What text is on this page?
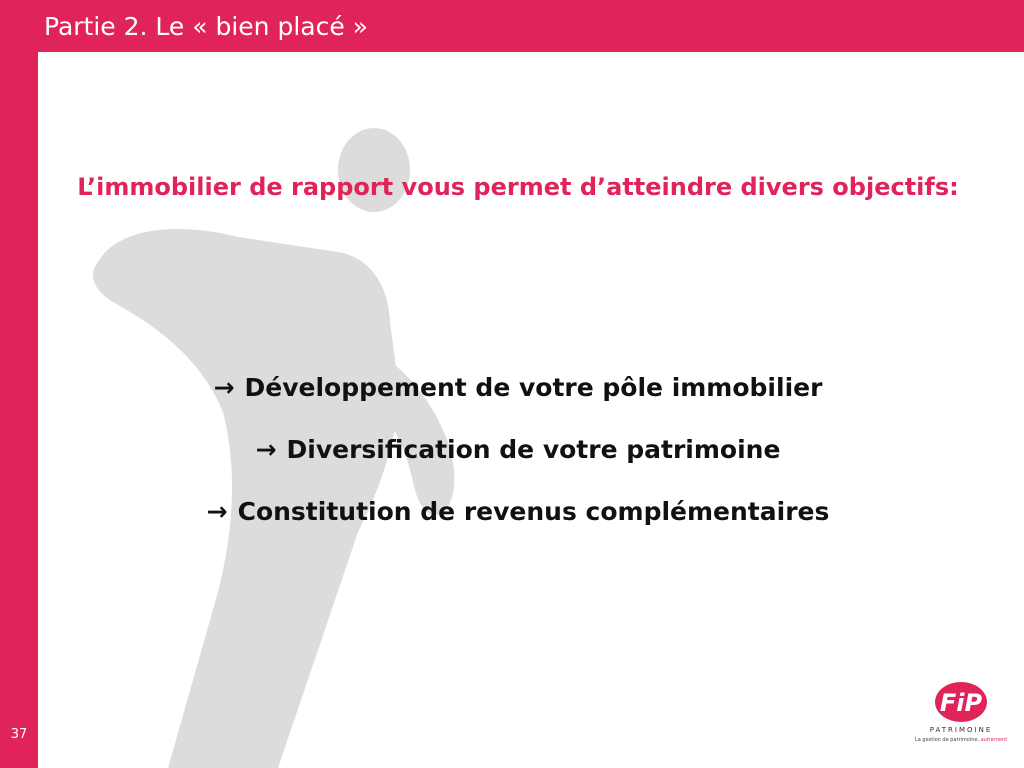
Partie 2. Le « bien placé »
L’immobilier de rapport vous permet d’atteindre divers objectifs:
→ Développement de votre pôle immobilier
→ Diversification de votre patrimoine
→ Constitution de revenus complémentaires
37
FiP
PATRIMOINE
La gestion de patrimoine, autrement
